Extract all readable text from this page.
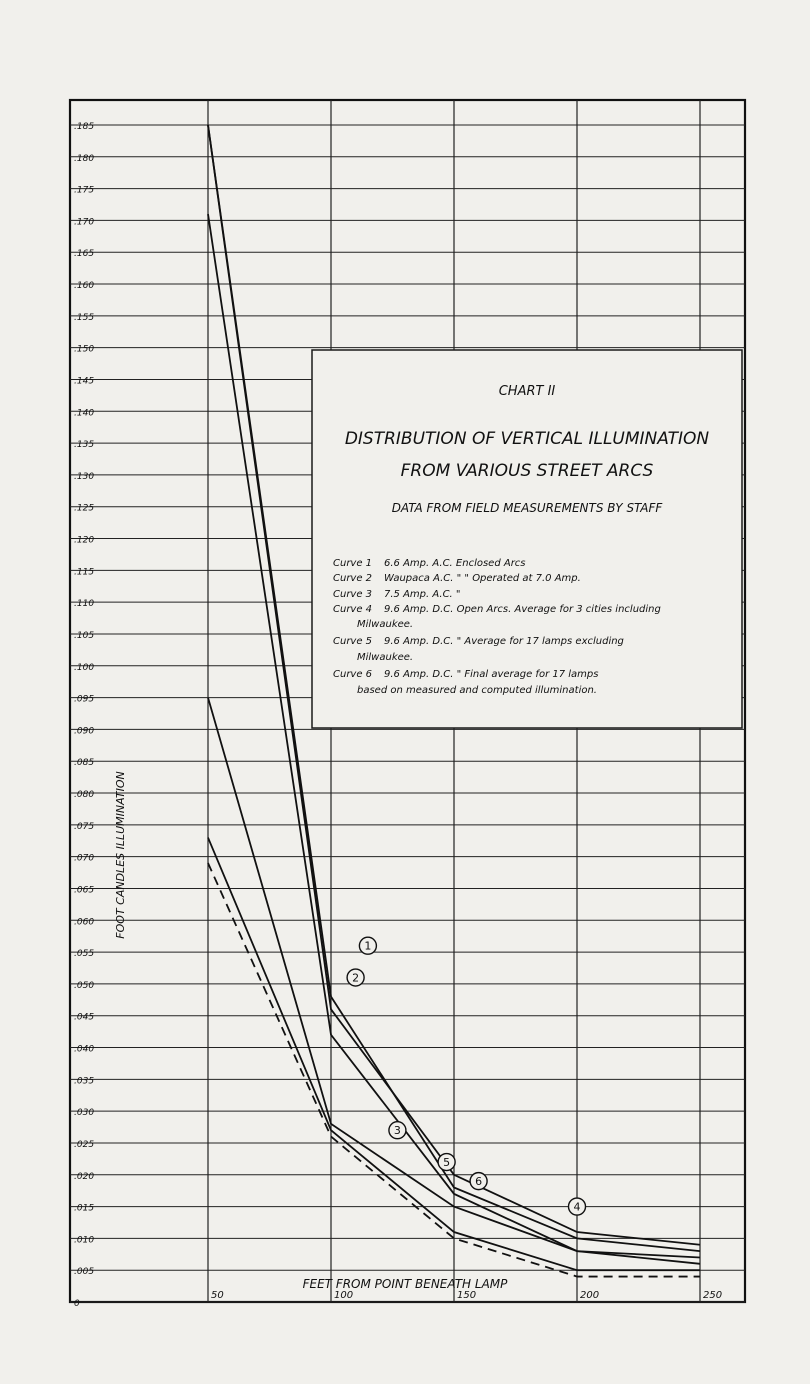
0
.005
.010
.015
.020
.025
.030
.035
.040
.045
.050
.055
.060
.065
.070
.075
.080
.085
.090
.095
.100
.105
.110
.115
.120
.125
.130
.135
.140
.145
.150
.155
.160
.165
.170
.175
.180
.185
50	100	150	200	250
1
2
3
4
5
6
CHART II
DISTRIBUTION OF VERTICAL ILLUMINATION
FROM VARIOUS STREET ARCS
DATA FROM FIELD MEASUREMENTS BY STAFF
Curve 1 6.6 Amp. A.C. Enclosed Arcs
Curve 2 Waupaca A.C. " " Operated at 7.0 Amp.
Curve 3 7.5 Amp. A.C. "
Curve 4 9.6 Amp. D.C. Open Arcs. Average for 3 cities including
Milwaukee.
Curve 5 9.6 Amp. D.C. " Average for 17 lamps excluding
Milwaukee.
Curve 6 9.6 Amp. D.C. " Final average for 17 lamps
based on measured and computed illumination.
FEET FROM POINT BENEATH LAMP
FOOT CANDLES ILLUMINATION
